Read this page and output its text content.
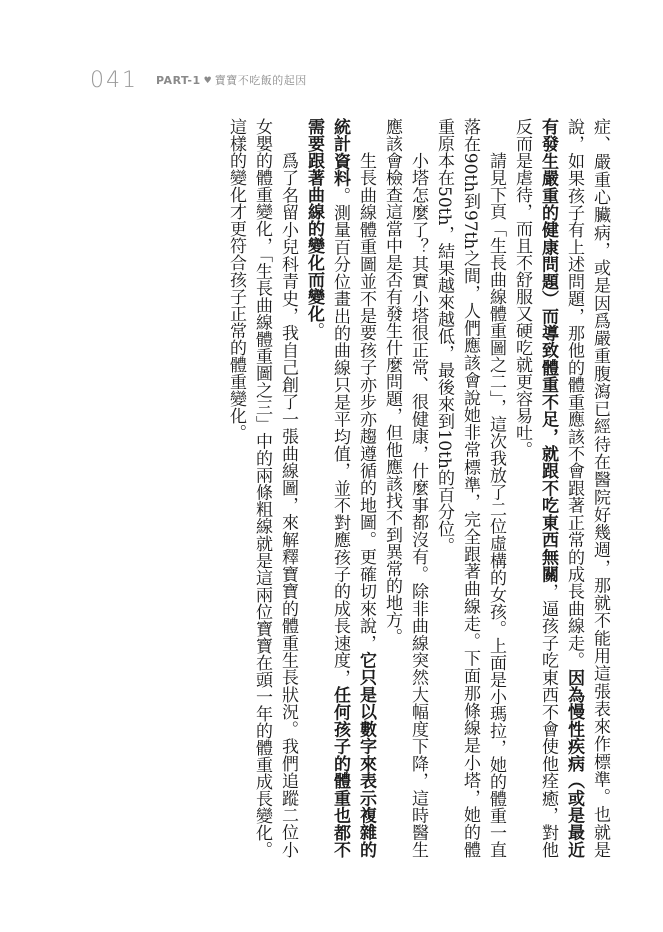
041 PART-1 ♥ 寶寶不吃飯的起因

症、嚴重心臟病，或是因爲嚴重腹瀉已經待在醫院好幾週，那就不能用這張表來作標準。也就是說，如果孩子有上述問題，那他的體重應該不會跟著正常的成長曲線走。因為慢性疾病（或是最近有發生嚴重的健康問題）而導致體重不足，就跟不吃東西無關，逼孩子吃東西不會使他痊癒，對他反而是虐待，而且不舒服又硬吃就更容易吐。

請見下頁「生長曲線體重圖之二」，這次我放了二位虛構的女孩。上面是小瑪拉，她的體重一直落在90th到97th之間，人們應該會說她非常標準，完全跟著曲線走。下面那條線是小塔，她的體重原本在50th，結果越來越低，最後來到10th的百分位。

小塔怎麼了？其實小塔很正常、很健康，什麼事都沒有。除非曲線突然大幅度下降，這時醫生應該會檢查這當中是否有發生什麼問題，但他應該找不到異常的地方。

生長曲線體重圖並不是要孩子亦步亦趨遵循的地圖。更確切來說，它只是以數字來表示複雜的統計資料。測量百分位畫出的曲線只是平均值，並不對應孩子的成長速度，任何孩子的體重也都不需要跟著曲線的變化而變化。

爲了名留小兒科青史，我自己創了一張曲線圖，來解釋寶寶的體重生長狀況。我們追蹤二位小女嬰的體重變化，「生長曲線體重圖之三」中的兩條粗線就是這兩位寶寶在頭一年的體重成長變化。這樣的變化才更符合孩子正常的體重變化。
